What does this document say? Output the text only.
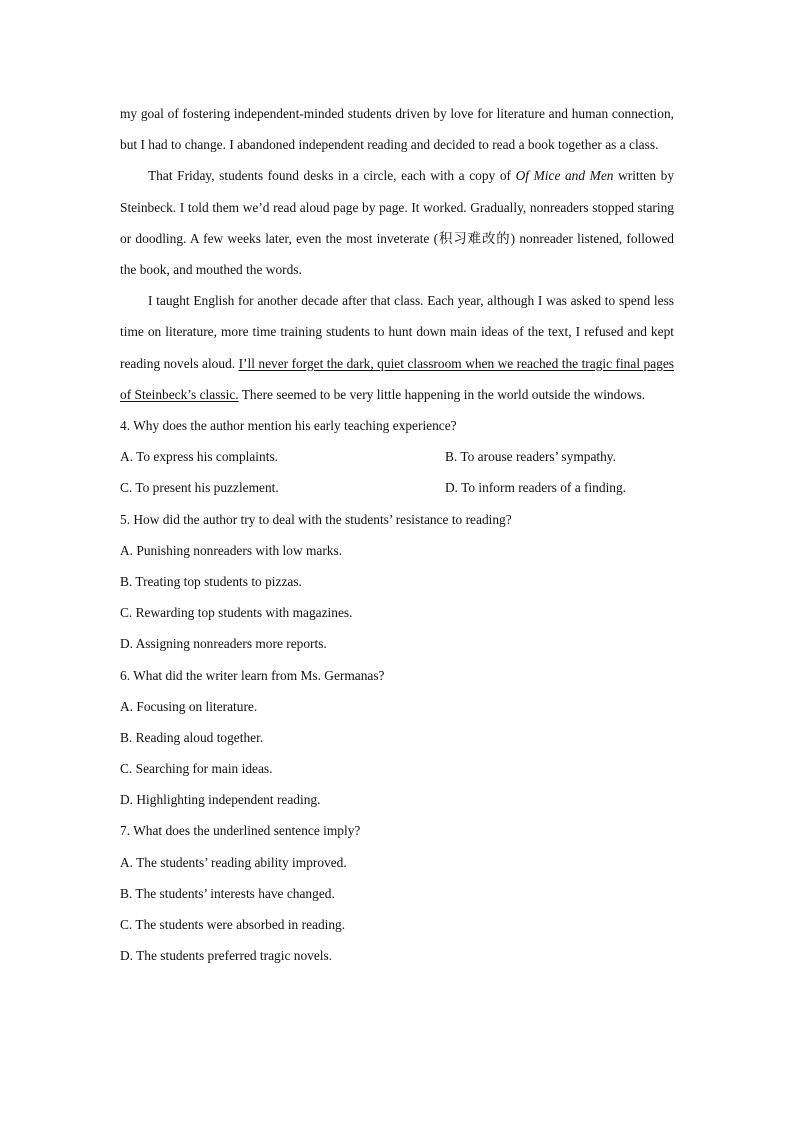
my goal of fostering independent-minded students driven by love for literature and human connection, but I had to change. I abandoned independent reading and decided to read a book together as a class.

That Friday, students found desks in a circle, each with a copy of Of Mice and Men written by Steinbeck. I told them we’d read aloud page by page. It worked. Gradually, nonreaders stopped staring or doodling. A few weeks later, even the most inveterate (积习难改的) nonreader listened, followed the book, and mouthed the words.

I taught English for another decade after that class. Each year, although I was asked to spend less time on literature, more time training students to hunt down main ideas of the text, I refused and kept reading novels aloud. I’ll never forget the dark, quiet classroom when we reached the tragic final pages of Steinbeck’s classic. There seemed to be very little happening in the world outside the windows.

4. Why does the author mention his early teaching experience?

A. To express his complaints.	B. To arouse readers’ sympathy.
C. To present his puzzlement.	D. To inform readers of a finding.

5. How did the author try to deal with the students’ resistance to reading?

A. Punishing nonreaders with low marks.

B. Treating top students to pizzas.

C. Rewarding top students with magazines.

D. Assigning nonreaders more reports.

6. What did the writer learn from Ms. Germanas?

A. Focusing on literature.

B. Reading aloud together.

C. Searching for main ideas.

D. Highlighting independent reading.

7. What does the underlined sentence imply?

A. The students’ reading ability improved.

B. The students’ interests have changed.

C. The students were absorbed in reading.

D. The students preferred tragic novels.
